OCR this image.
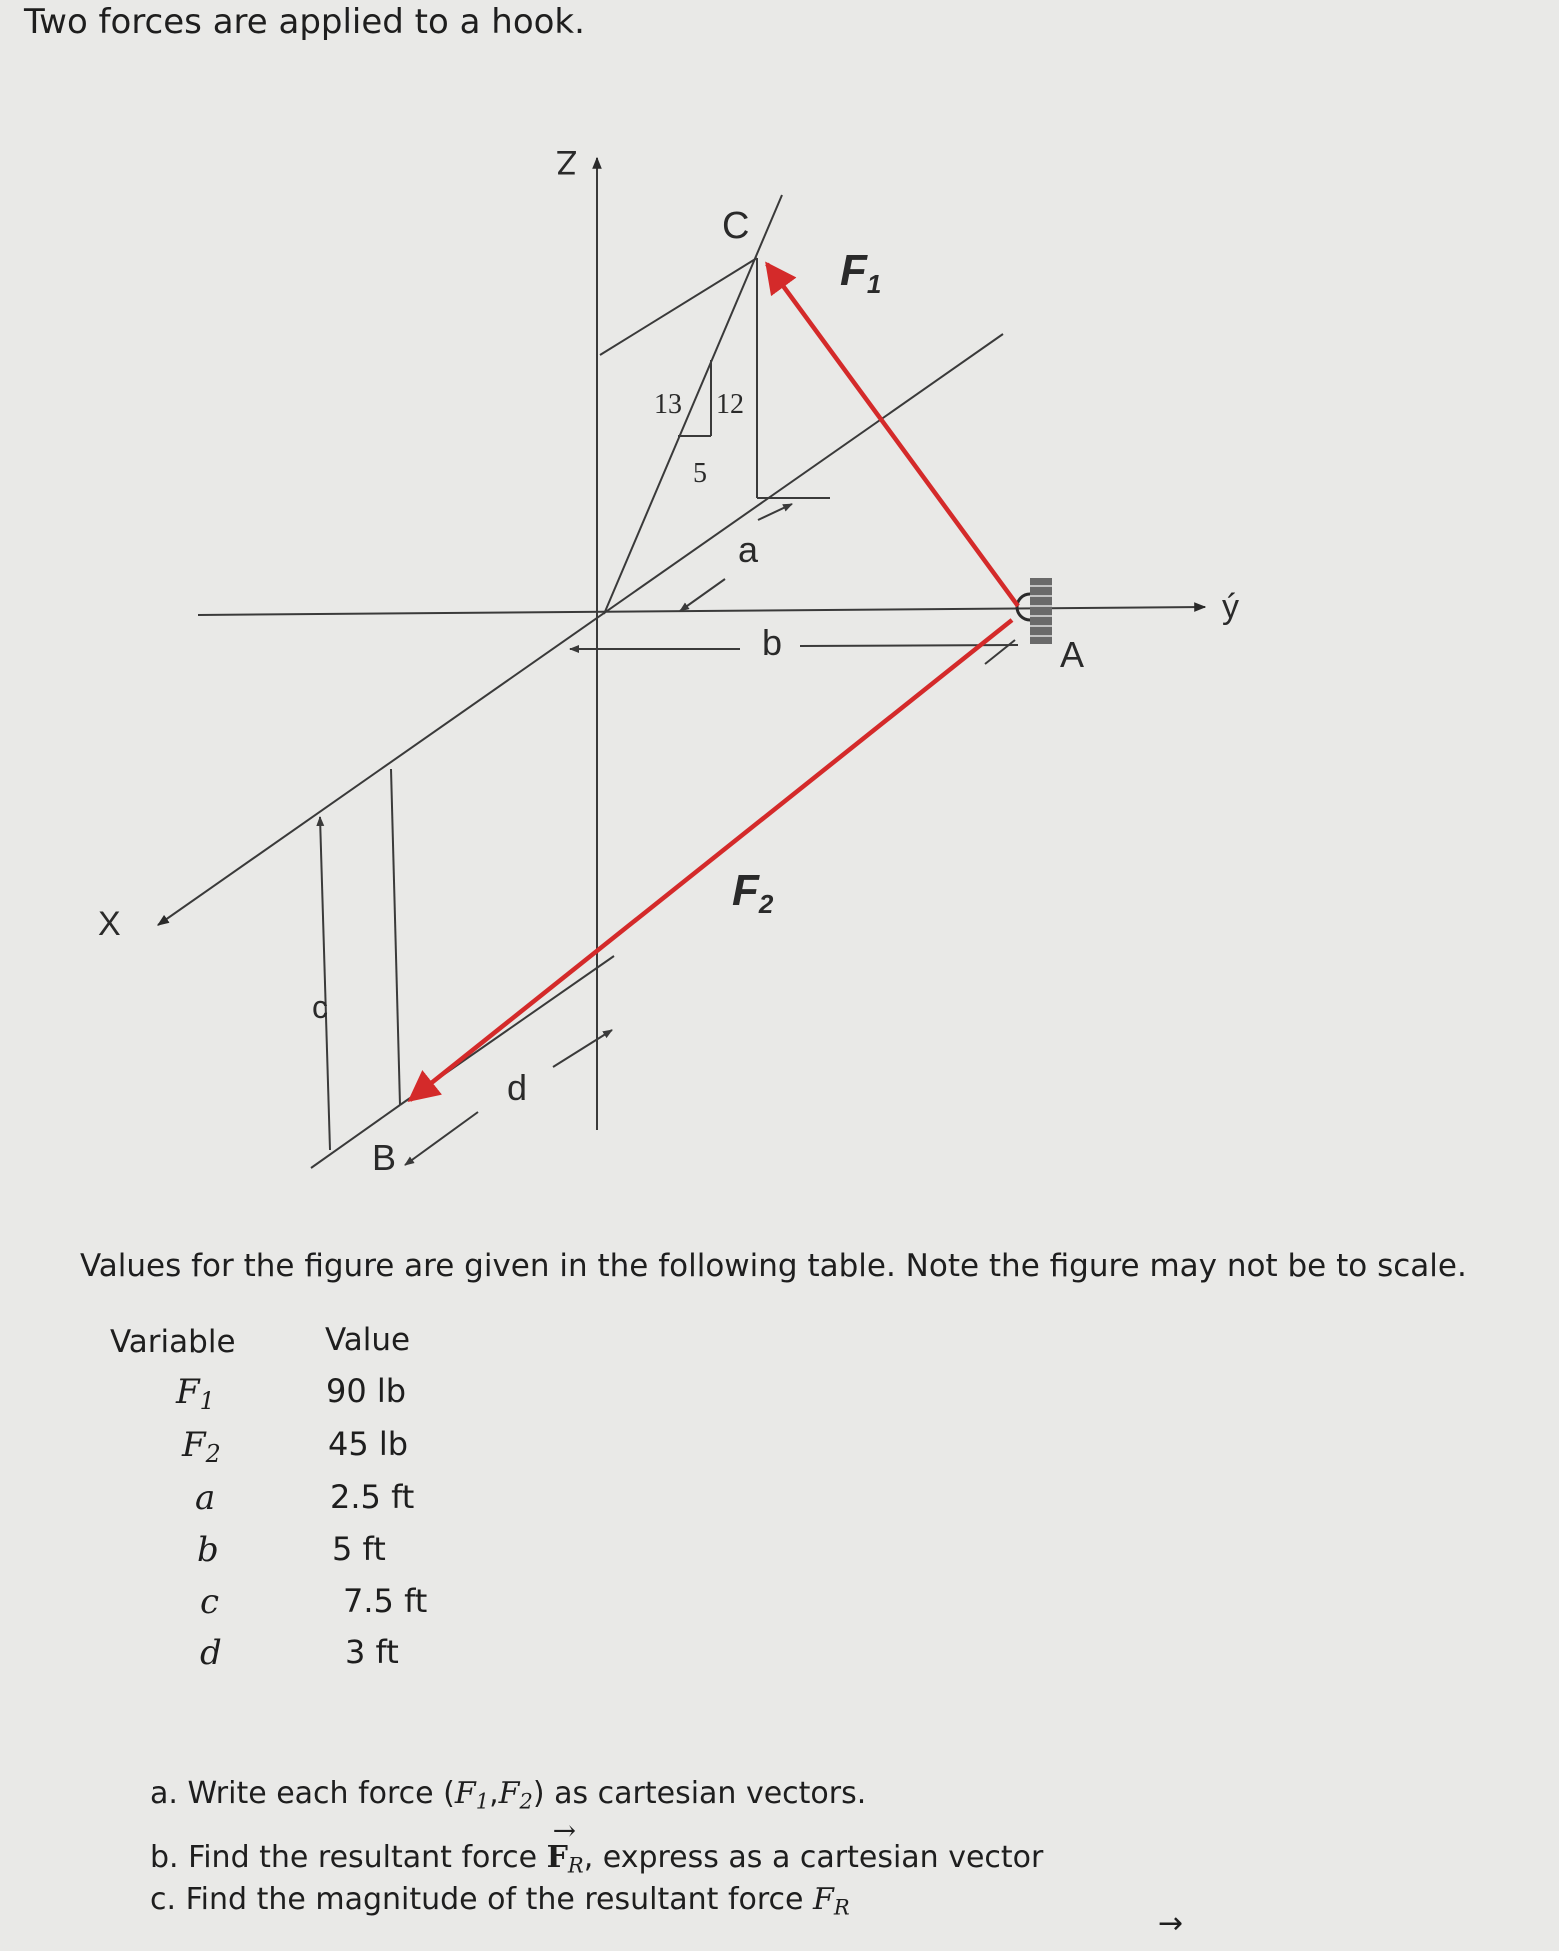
Two forces are applied to a hook.
Z
X
ý
A
B
C
a
b
c
d
F1
F2
13 12
5
Values for the figure are given in the following table. Note the figure may not be to scale.
Variable	Value
$F_1$	90 lb
$F_2$	45 lb
a	2.5 ft
b	5 ft
c	7.5 ft
d	3 ft
a. Write each force $(F_1,F_2)$ as cartesian vectors.
b. Find the resultant force → $F_R$, express as a cartesian vector
c. Find the magnitude of the resultant force $F_R$	→
